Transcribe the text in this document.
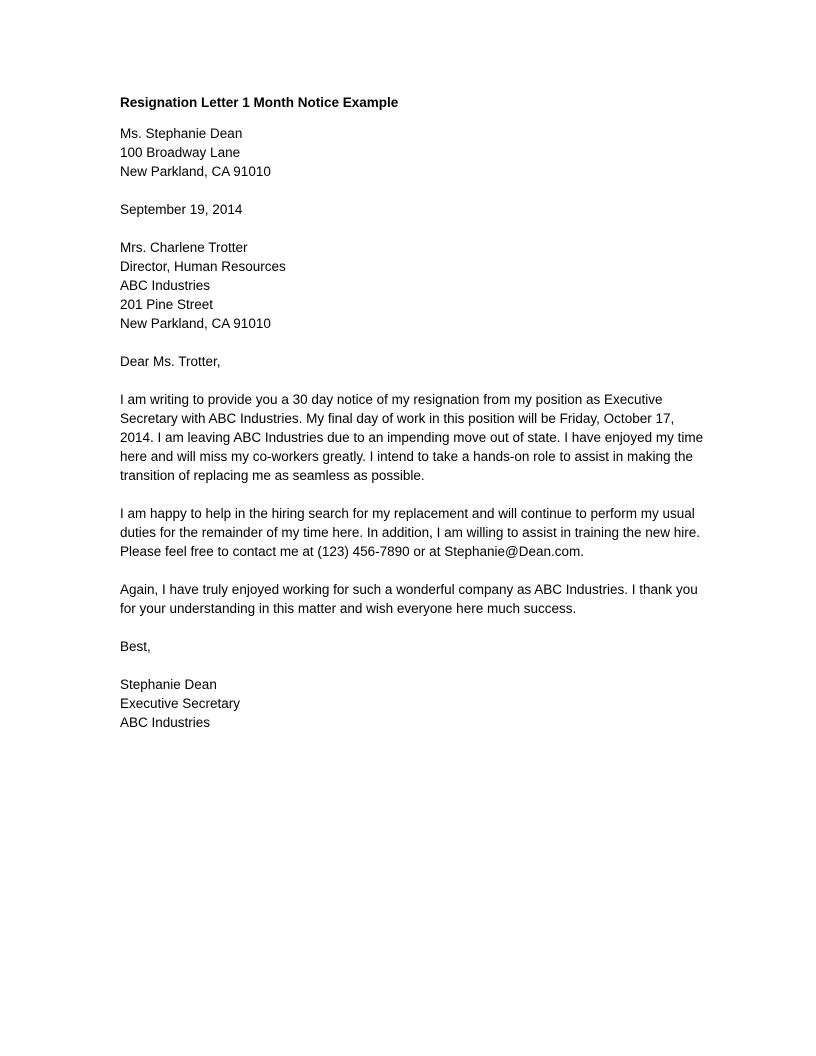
Resignation Letter 1 Month Notice Example
Ms. Stephanie Dean
100 Broadway Lane
New Parkland, CA 91010
September 19, 2014
Mrs. Charlene Trotter
Director, Human Resources
ABC Industries
201 Pine Street
New Parkland, CA 91010
Dear Ms. Trotter,
I am writing to provide you a 30 day notice of my resignation from my position as Executive
Secretary with ABC Industries. My final day of work in this position will be Friday, October 17,
2014. I am leaving ABC Industries due to an impending move out of state. I have enjoyed my time
here and will miss my co-workers greatly. I intend to take a hands-on role to assist in making the
transition of replacing me as seamless as possible.
I am happy to help in the hiring search for my replacement and will continue to perform my usual
duties for the remainder of my time here. In addition, I am willing to assist in training the new hire.
Please feel free to contact me at (123) 456-7890 or at Stephanie@Dean.com.
Again, I have truly enjoyed working for such a wonderful company as ABC Industries. I thank you
for your understanding in this matter and wish everyone here much success.
Best,
Stephanie Dean
Executive Secretary
ABC Industries
